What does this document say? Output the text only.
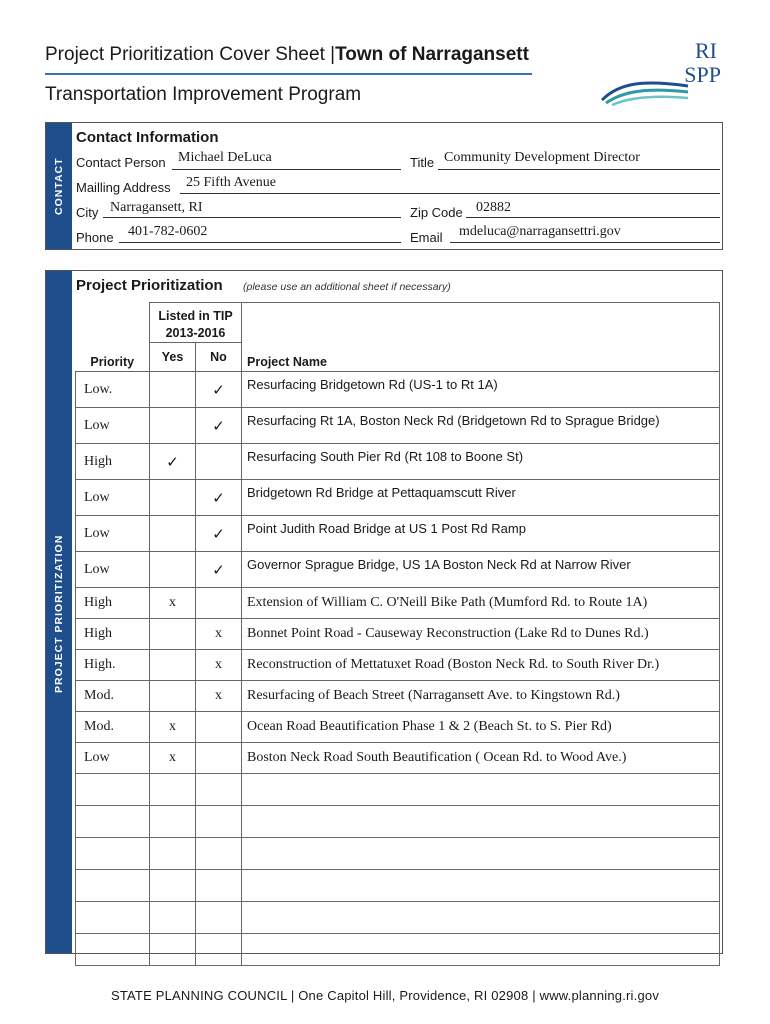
Project Prioritization Cover Sheet |Town of Narragansett
Transportation Improvement Program
RI
SPP
CONTACT
Contact Information
Contact Person Michael DeLuca	Title Community Development Director
Mailling Address 25 Fifth Avenue
City Narragansett, RI	Zip Code 02882
Phone 401-782-0602	Email mdeluca@narragansettri.gov
PROJECT PRIORITIZATION
Project Prioritization (please use an additional sheet if necessary)
Priority	Listed in TIP
2013-2016
Yes No		Project Name
Low.		✓	Resurfacing Bridgetown Rd (US-1 to Rt 1A)
Low		✓	Resurfacing Rt 1A, Boston Neck Rd (Bridgetown Rd to Sprague Bridge)
High	✓		Resurfacing South Pier Rd (Rt 108 to Boone St)
Low		✓	Bridgetown Rd Bridge at Pettaquamscutt River
Low		✓	Point Judith Road Bridge at US 1 Post Rd Ramp
Low		✓	Governor Sprague Bridge, US 1A Boston Neck Rd at Narrow River
High	x		Extension of William C. O'Neill Bike Path (Mumford Rd. to Route 1A)
High		x	Bonnet Point Road - Causeway Reconstruction (Lake Rd to Dunes Rd.)
High.		x	Reconstruction of Mettatuxet Road (Boston Neck Rd. to South River Dr.)
Mod.		x	Resurfacing of Beach Street (Narragansett Ave. to Kingstown Rd.)
Mod.	x		Ocean Road Beautification Phase 1 & 2 (Beach St. to S. Pier Rd)
Low	x		Boston Neck Road South Beautification ( Ocean Rd. to Wood Ave.)

STATE PLANNING COUNCIL | One Capitol Hill, Providence, RI 02908 | www.planning.ri.gov
